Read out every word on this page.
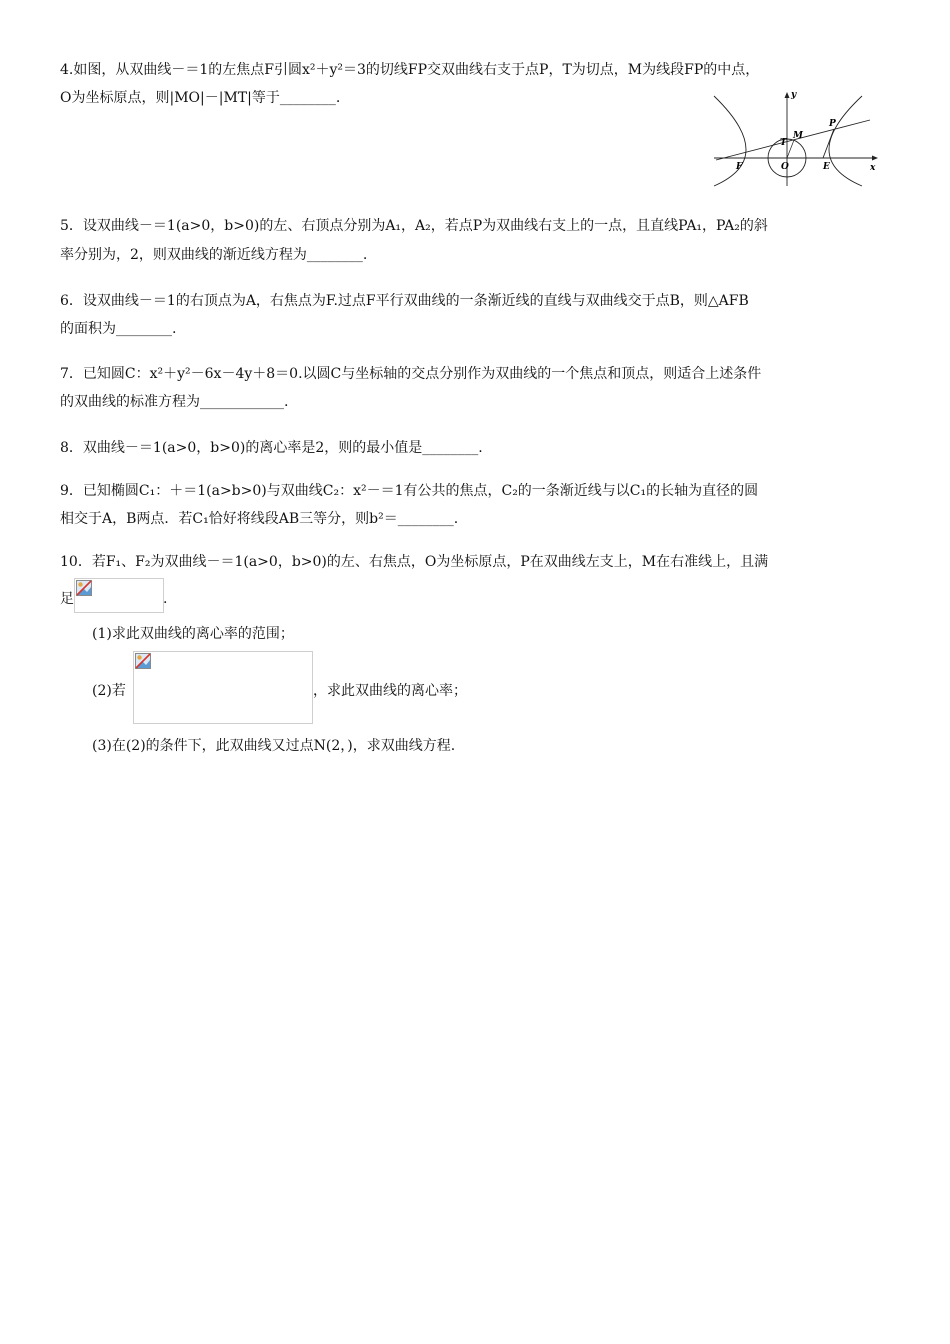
4.如图，从双曲线－＝1的左焦点F引圆x²＋y²＝3的切线FP交双曲线右支于点P，T为切点，M为线段FP的中点，
O为坐标原点，则|MO|－|MT|等于________.	y
x
T
M
P
F	O	E
5．设双曲线－＝1(a>0，b>0)的左、右顶点分别为A₁，A₂，若点P为双曲线右支上的一点，且直线PA₁，PA₂的斜
率分别为，2，则双曲线的渐近线方程为________.
6．设双曲线－＝1的右顶点为A，右焦点为F.过点F平行双曲线的一条渐近线的直线与双曲线交于点B，则△AFB
的面积为________.
7．已知圆C：x²＋y²－6x－4y＋8＝0.以圆C与坐标轴的交点分别作为双曲线的一个焦点和顶点，则适合上述条件
的双曲线的标准方程为____________.
8．双曲线－＝1(a>0，b>0)的离心率是2，则的最小值是________.
9．已知椭圆C₁：＋＝1(a>b>0)与双曲线C₂：x²－＝1有公共的焦点，C₂的一条渐近线与以C₁的长轴为直径的圆
相交于A，B两点．若C₁恰好将线段AB三等分，则b²＝________.
10．若F₁、F₂为双曲线－＝1(a>0，b>0)的左、右焦点，O为坐标原点，P在双曲线左支上，M在右准线上，且满
足	.
(1)求此双曲线的离心率的范围；
(2)若	，求此双曲线的离心率；
(3)在(2)的条件下，此双曲线又过点N(2，)，求双曲线方程.
